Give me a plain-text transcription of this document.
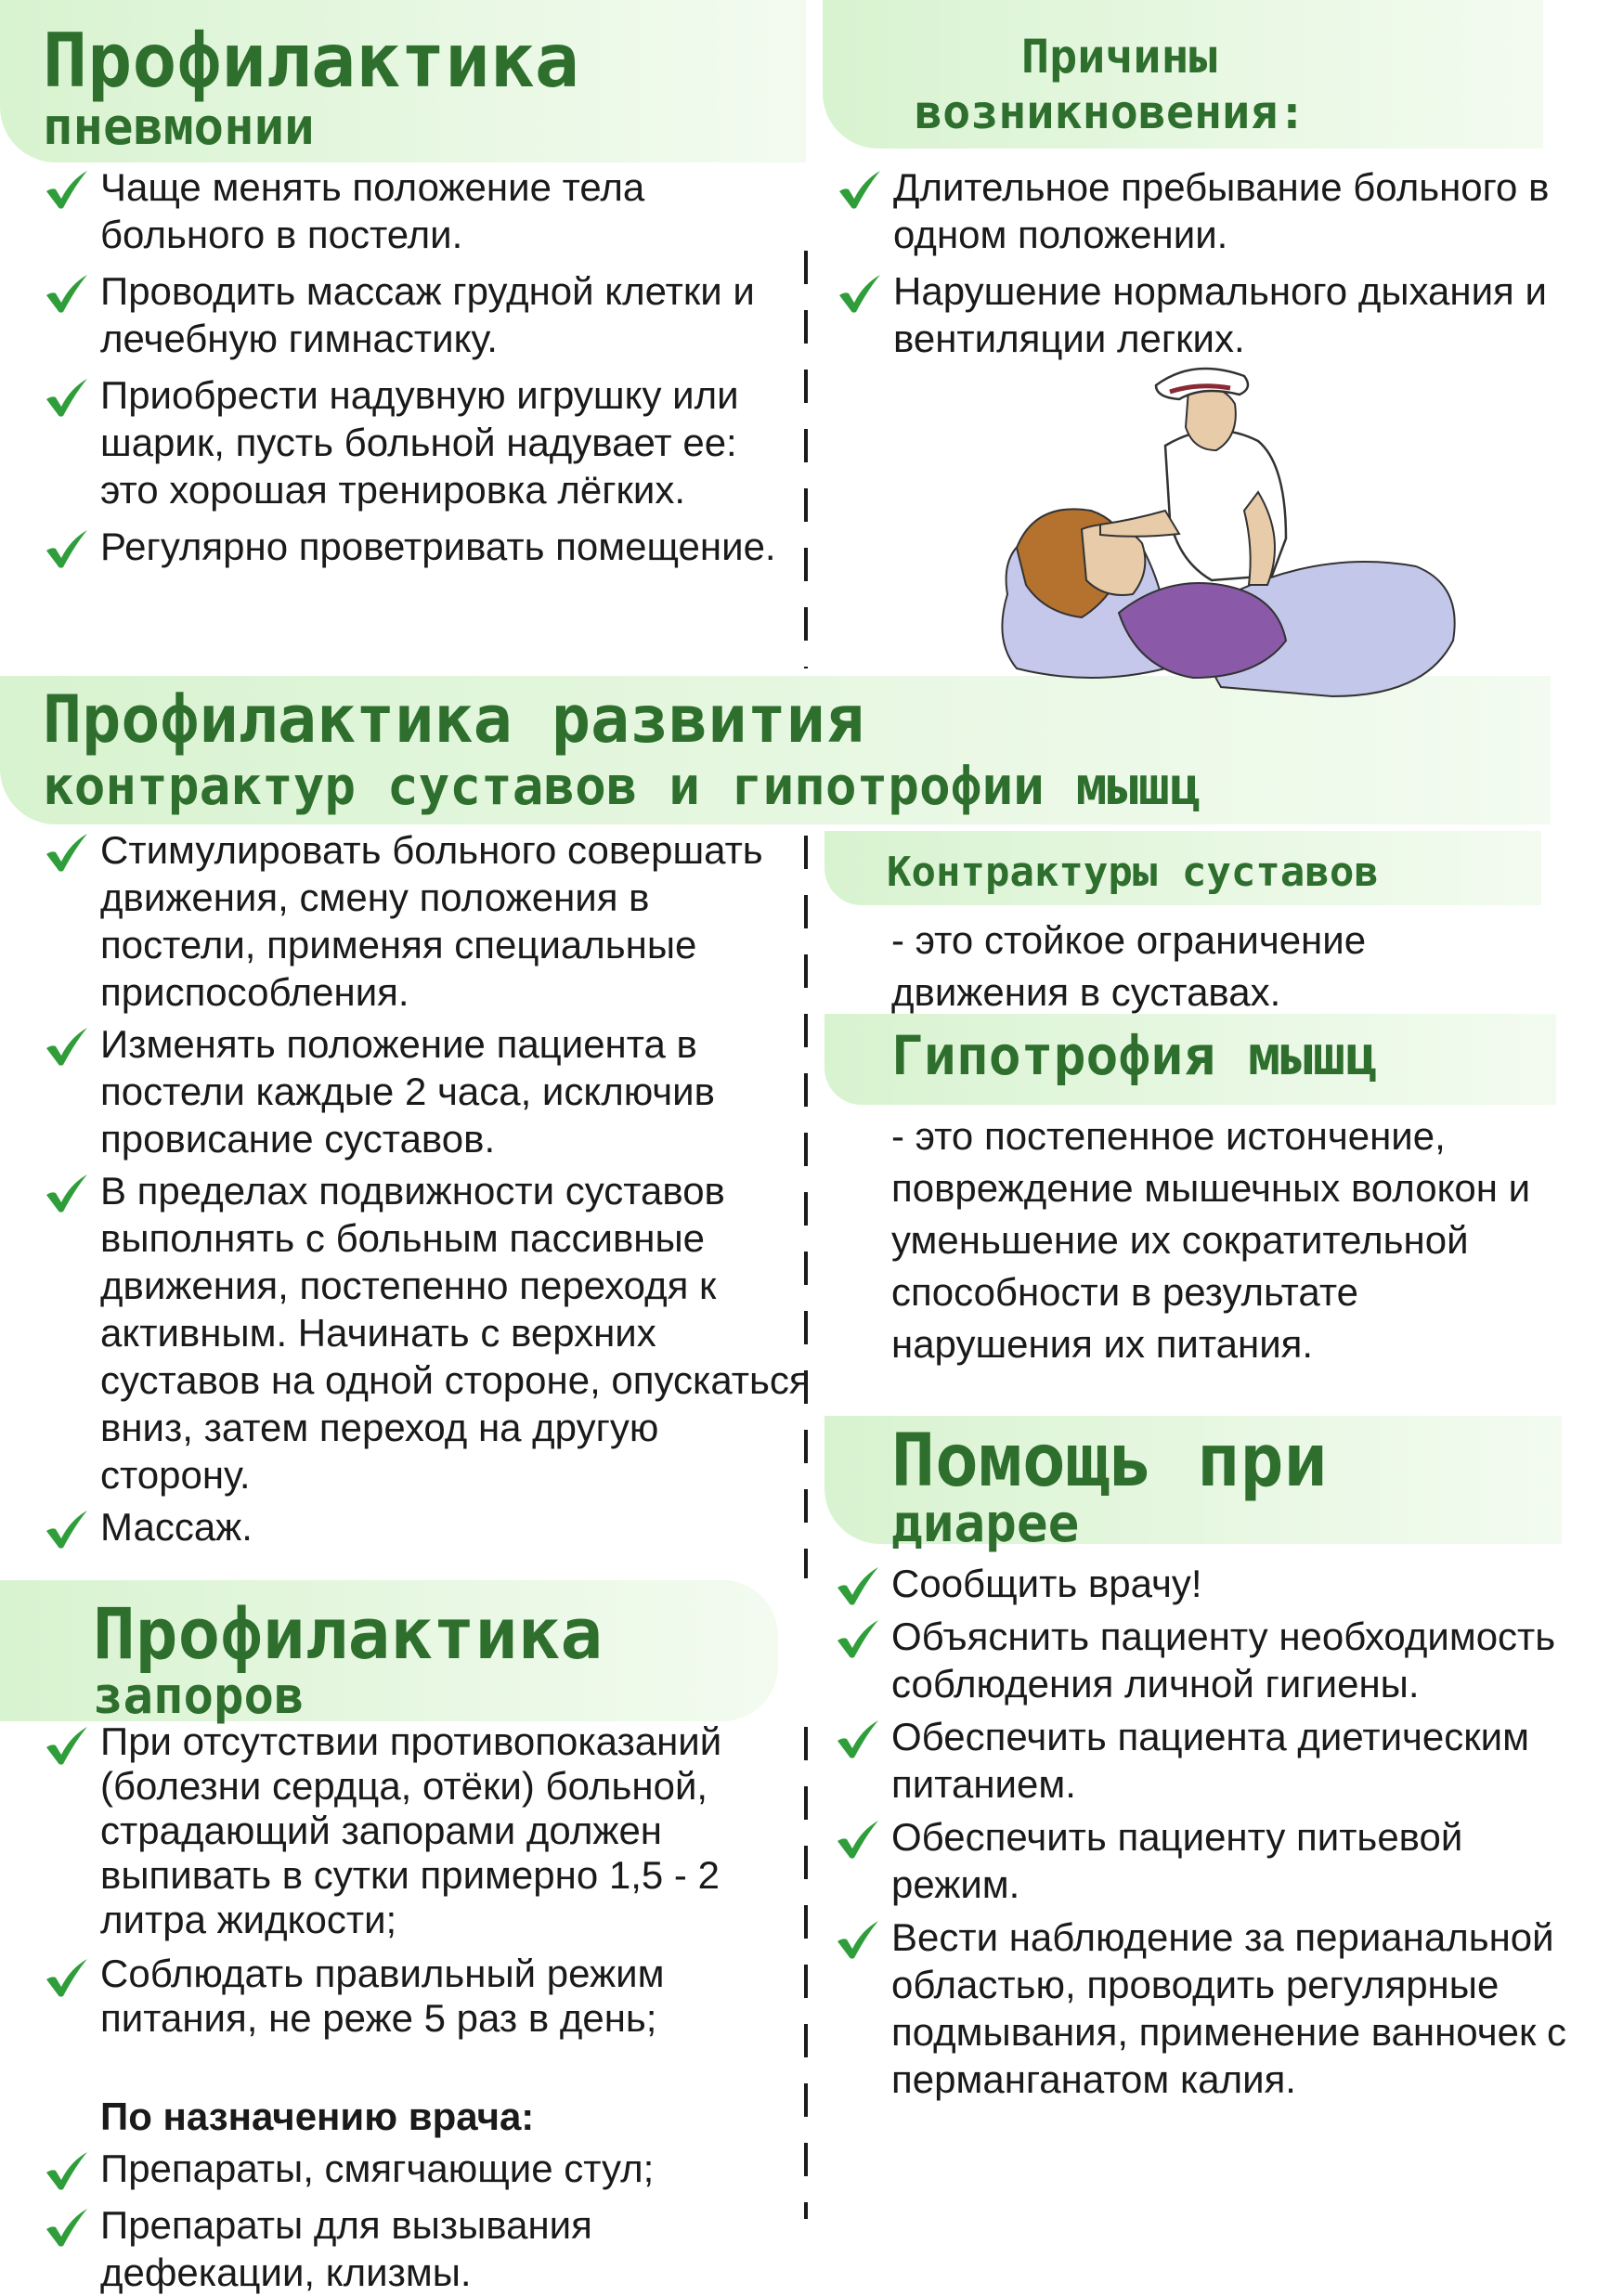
Профилактика
пневмонии
Чаще менять положение тела больного в постели.
Проводить массаж грудной клетки и лечебную гимнастику.
Приобрести надувную игрушку или шарик, пусть больной надувает ее: это хорошая тренировка лёгких.
Регулярно проветривать помещение.
Причины
возникновения:
Длительное пребывание больного в одном положении.
Нарушение нормального дыхания и вентиляции легких.
Профилактика развития
контрактур суставов и гипотрофии мышц
Стимулировать больного совершать движения, смену положения в постели, применяя специальные приспособления.
Изменять положение пациента в постели каждые 2 часа, исключив провисание суставов.
В пределах подвижности суставов выполнять с больным пассивные движения, постепенно переходя к активным. Начинать с верхних суставов на одной стороне, опускаться вниз, затем переход на другую сторону.
Массаж.
Контрактуры суставов

- это стойкое ограничение движения в суставах.

Гипотрофия мышц

- это постепенное истончение, повреждение мышечных волокон и уменьшение их сократительной способности в результате нарушения их питания.

Профилактика
запоров
При отсутствии противопоказаний (болезни сердца, отёки) больной, страдающий запорами должен выпивать в сутки примерно 1,5 - 2 литра жидкости;
Соблюдать правильный режим питания, не реже 5 раз в день;
По назначению врача:
Препараты, смягчающие стул;
Препараты для вызывания дефекации, клизмы.
Помощь при
диарее
Сообщить врачу!
Объяснить пациенту необходимость соблюдения личной гигиены.
Обеспечить пациента диетическим питанием.
Обеспечить пациенту питьевой режим.
Вести наблюдение за перианальной областью, проводить регулярные подмывания, применение ванночек с перманганатом калия.
